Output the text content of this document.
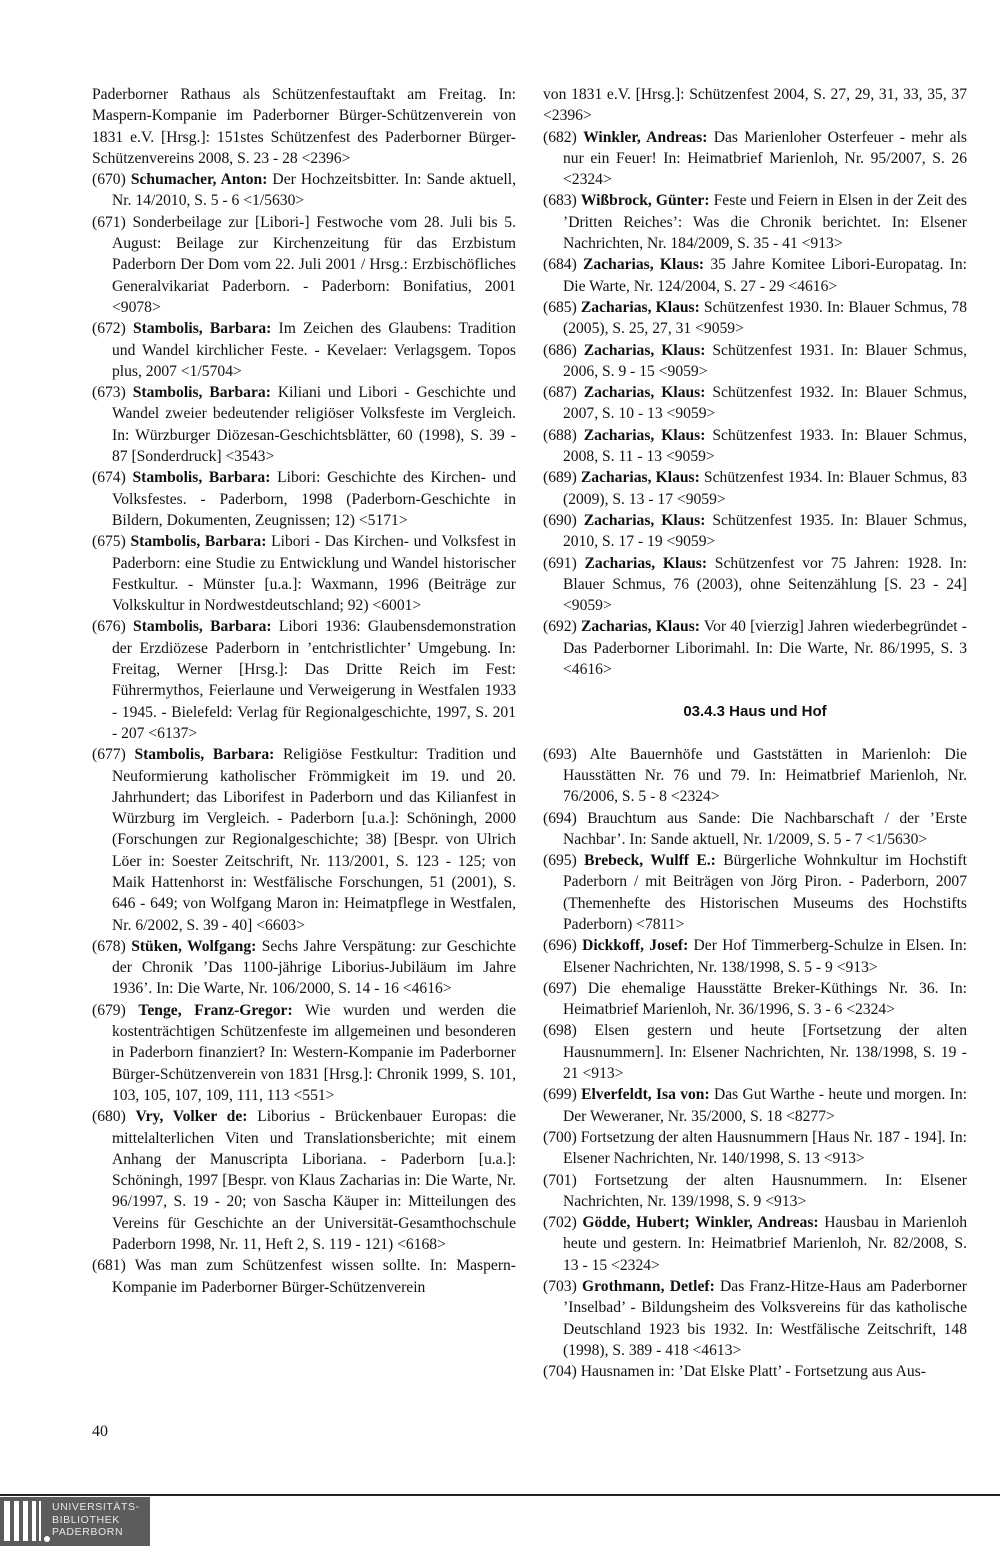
Paderborner Rathaus als Schützenfestauftakt am Freitag. In: Maspern-Kompanie im Paderborner Bürger-Schützenverein von 1831 e.V. [Hrsg.]: 151stes Schützenfest des Paderborner Bürger-Schützenvereins 2008, S. 23 - 28 <2396>

(670) Schumacher, Anton: Der Hochzeitsbitter. In: Sande aktuell, Nr. 14/2010, S. 5 - 6 <1/5630>

(671) Sonderbeilage zur [Libori-] Festwoche vom 28. Juli bis 5. August: Beilage zur Kirchenzeitung für das Erzbistum Paderborn Der Dom vom 22. Juli 2001 / Hrsg.: Erzbischöfliches Generalvikariat Paderborn. - Paderborn: Bonifatius, 2001 <9078>

(672) Stambolis, Barbara: Im Zeichen des Glaubens: Tradition und Wandel kirchlicher Feste. - Kevelaer: Verlagsgem. Topos plus, 2007 <1/5704>

(673) Stambolis, Barbara: Kiliani und Libori - Geschichte und Wandel zweier bedeutender religiöser Volksfeste im Vergleich. In: Würzburger Diözesan-Geschichtsblätter, 60 (1998), S. 39 - 87 [Sonderdruck] <3543>

(674) Stambolis, Barbara: Libori: Geschichte des Kirchen- und Volksfestes. - Paderborn, 1998 (Paderborn-Geschichte in Bildern, Dokumenten, Zeugnissen; 12) <5171>

(675) Stambolis, Barbara: Libori - Das Kirchen- und Volksfest in Paderborn: eine Studie zu Entwicklung und Wandel historischer Festkultur. - Münster [u.a.]: Waxmann, 1996 (Beiträge zur Volkskultur in Nordwestdeutschland; 92) <6001>

(676) Stambolis, Barbara: Libori 1936: Glaubensdemonstration der Erzdiözese Paderborn in ’entchristlichter’ Umgebung. In: Freitag, Werner [Hrsg.]: Das Dritte Reich im Fest: Führermythos, Feierlaune und Verweigerung in Westfalen 1933 - 1945. - Bielefeld: Verlag für Regionalgeschichte, 1997, S. 201 - 207 <6137>

(677) Stambolis, Barbara: Religiöse Festkultur: Tradition und Neuformierung katholischer Frömmigkeit im 19. und 20. Jahrhundert; das Liborifest in Paderborn und das Kilianfest in Würzburg im Vergleich. - Paderborn [u.a.]: Schöningh, 2000 (Forschungen zur Regionalgeschichte; 38) [Bespr. von Ulrich Löer in: Soester Zeitschrift, Nr. 113/2001, S. 123 - 125; von Maik Hattenhorst in: Westfälische Forschungen, 51 (2001), S. 646 - 649; von Wolfgang Maron in: Heimatpflege in Westfalen, Nr. 6/2002, S. 39 - 40] <6603>

(678) Stüken, Wolfgang: Sechs Jahre Verspätung: zur Geschichte der Chronik ’Das 1100-jährige Liborius-Jubiläum im Jahre 1936’. In: Die Warte, Nr. 106/2000, S. 14 - 16 <4616>

(679) Tenge, Franz-Gregor: Wie wurden und werden die kostenträchtigen Schützenfeste im allgemeinen und besonderen in Paderborn finanziert? In: Western-Kompanie im Paderborner Bürger-Schützenverein von 1831 [Hrsg.]: Chronik 1999, S. 101, 103, 105, 107, 109, 111, 113 <551>

(680) Vry, Volker de: Liborius - Brückenbauer Europas: die mittelalterlichen Viten und Translationsberichte; mit einem Anhang der Manuscripta Liboriana. - Paderborn [u.a.]: Schöningh, 1997 [Bespr. von Klaus Zacharias in: Die Warte, Nr. 96/1997, S. 19 - 20; von Sascha Käuper in: Mitteilungen des Vereins für Geschichte an der Universität-Gesamthochschule Paderborn 1998, Nr. 11, Heft 2, S. 119 - 121) <6168>

(681) Was man zum Schützenfest wissen sollte. In: Maspern-Kompanie im Paderborner Bürger-Schützenverein

von 1831 e.V. [Hrsg.]: Schützenfest 2004, S. 27, 29, 31, 33, 35, 37 <2396>

(682) Winkler, Andreas: Das Marienloher Osterfeuer - mehr als nur ein Feuer! In: Heimatbrief Marienloh, Nr. 95/2007, S. 26 <2324>

(683) Wißbrock, Günter: Feste und Feiern in Elsen in der Zeit des ’Dritten Reiches’: Was die Chronik berichtet. In: Elsener Nachrichten, Nr. 184/2009, S. 35 - 41 <913>

(684) Zacharias, Klaus: 35 Jahre Komitee Libori-Europatag. In: Die Warte, Nr. 124/2004, S. 27 - 29 <4616>

(685) Zacharias, Klaus: Schützenfest 1930. In: Blauer Schmus, 78 (2005), S. 25, 27, 31 <9059>

(686) Zacharias, Klaus: Schützenfest 1931. In: Blauer Schmus, 2006, S. 9 - 15 <9059>

(687) Zacharias, Klaus: Schützenfest 1932. In: Blauer Schmus, 2007, S. 10 - 13 <9059>

(688) Zacharias, Klaus: Schützenfest 1933. In: Blauer Schmus, 2008, S. 11 - 13 <9059>

(689) Zacharias, Klaus: Schützenfest 1934. In: Blauer Schmus, 83 (2009), S. 13 - 17 <9059>

(690) Zacharias, Klaus: Schützenfest 1935. In: Blauer Schmus, 2010, S. 17 - 19 <9059>

(691) Zacharias, Klaus: Schützenfest vor 75 Jahren: 1928. In: Blauer Schmus, 76 (2003), ohne Seitenzählung [S. 23 - 24] <9059>

(692) Zacharias, Klaus: Vor 40 [vierzig] Jahren wiederbegründet - Das Paderborner Liborimahl. In: Die Warte, Nr. 86/1995, S. 3 <4616>

03.4.3 Haus und Hof

(693) Alte Bauernhöfe und Gaststätten in Marienloh: Die Hausstätten Nr. 76 und 79. In: Heimatbrief Marienloh, Nr. 76/2006, S. 5 - 8 <2324>

(694) Brauchtum aus Sande: Die Nachbarschaft / der ’Erste Nachbar’. In: Sande aktuell, Nr. 1/2009, S. 5 - 7 <1/5630>

(695) Brebeck, Wulff E.: Bürgerliche Wohnkultur im Hochstift Paderborn / mit Beiträgen von Jörg Piron. - Paderborn, 2007 (Themenhefte des Historischen Museums des Hochstifts Paderborn) <7811>

(696) Dickkoff, Josef: Der Hof Timmerberg-Schulze in Elsen. In: Elsener Nachrichten, Nr. 138/1998, S. 5 - 9 <913>

(697) Die ehemalige Hausstätte Breker-Küthings Nr. 36. In: Heimatbrief Marienloh, Nr. 36/1996, S. 3 - 6 <2324>

(698) Elsen gestern und heute [Fortsetzung der alten Hausnummern]. In: Elsener Nachrichten, Nr. 138/1998, S. 19 - 21 <913>

(699) Elverfeldt, Isa von: Das Gut Warthe - heute und morgen. In: Der Weweraner, Nr. 35/2000, S. 18 <8277>

(700) Fortsetzung der alten Hausnummern [Haus Nr. 187 - 194]. In: Elsener Nachrichten, Nr. 140/1998, S. 13 <913>

(701) Fortsetzung der alten Hausnummern. In: Elsener Nachrichten, Nr. 139/1998, S. 9 <913>

(702) Gödde, Hubert; Winkler, Andreas: Hausbau in Marienloh heute und gestern. In: Heimatbrief Marienloh, Nr. 82/2008, S. 13 - 15 <2324>

(703) Grothmann, Detlef: Das Franz-Hitze-Haus am Paderborner ’Inselbad’ - Bildungsheim des Volksvereins für das katholische Deutschland 1923 bis 1932. In: Westfälische Zeitschrift, 148 (1998), S. 389 - 418 <4613>

(704) Hausnamen in: ’Dat Elske Platt’ - Fortsetzung aus Aus-

40
UNIVERSITÄTS-
BIBLIOTHEK
PADERBORN
